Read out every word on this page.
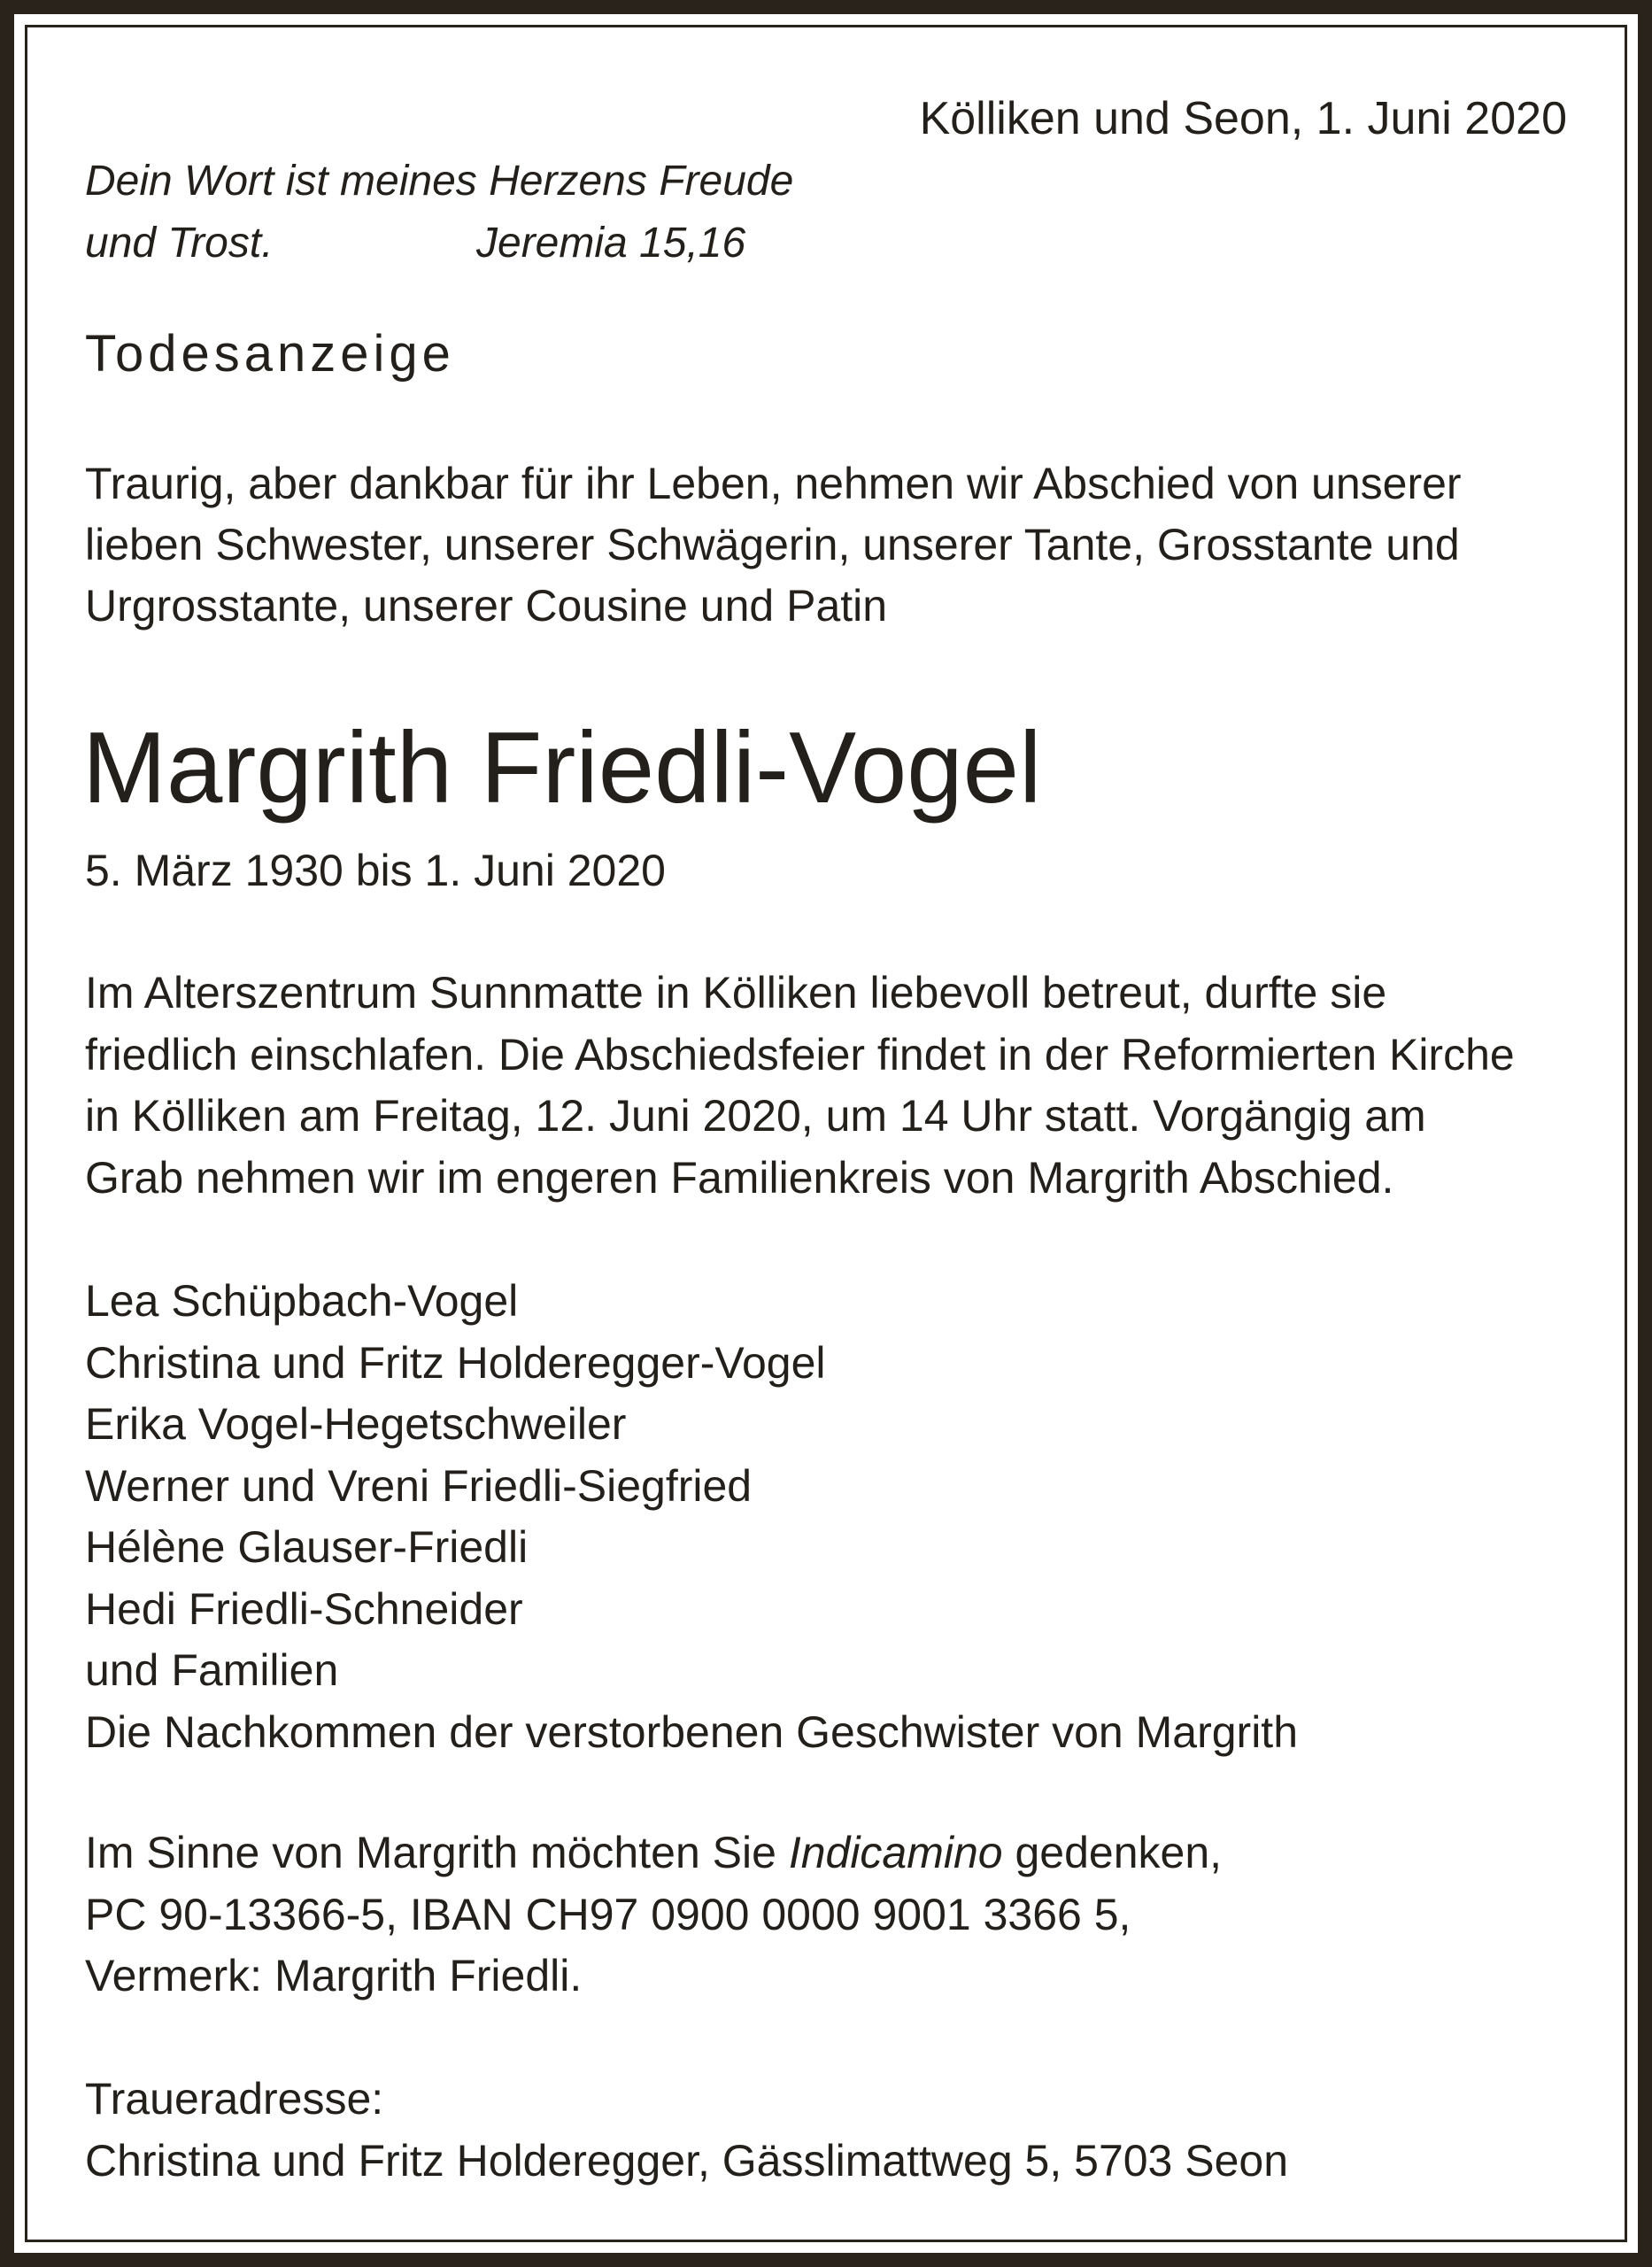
Kölliken und Seon, 1. Juni 2020

Dein Wort ist meines Herzens Freude
und Trost.	Jeremia 15,16

Todesanzeige

Traurig, aber dankbar für ihr Leben, nehmen wir Abschied von unserer
lieben Schwester, unserer Schwägerin, unserer Tante, Grosstante und
Urgrosstante, unserer Cousine und Patin
Margrith Friedli-Vogel

5. März 1930 bis 1. Juni 2020

Im Alterszentrum Sunnmatte in Kölliken liebevoll betreut, durfte sie
friedlich einschlafen. Die Abschiedsfeier findet in der Reformierten Kirche
in Kölliken am Freitag, 12. Juni 2020, um 14 Uhr statt. Vorgängig am
Grab nehmen wir im engeren Familienkreis von Margrith Abschied.
Lea Schüpbach-Vogel
Christina und Fritz Holderegger-Vogel
Erika Vogel-Hegetschweiler
Werner und Vreni Friedli-Siegfried
Hélène Glauser-Friedli
Hedi Friedli-Schneider
und Familien
Die Nachkommen der verstorbenen Geschwister von Margrith
Im Sinne von Margrith möchten Sie Indicamino gedenken,
PC 90-13366-5, IBAN CH97 0900 0000 9001 3366 5,
Vermerk: Margrith Friedli.
Traueradresse:
Christina und Fritz Holderegger, Gässlimattweg 5, 5703 Seon
